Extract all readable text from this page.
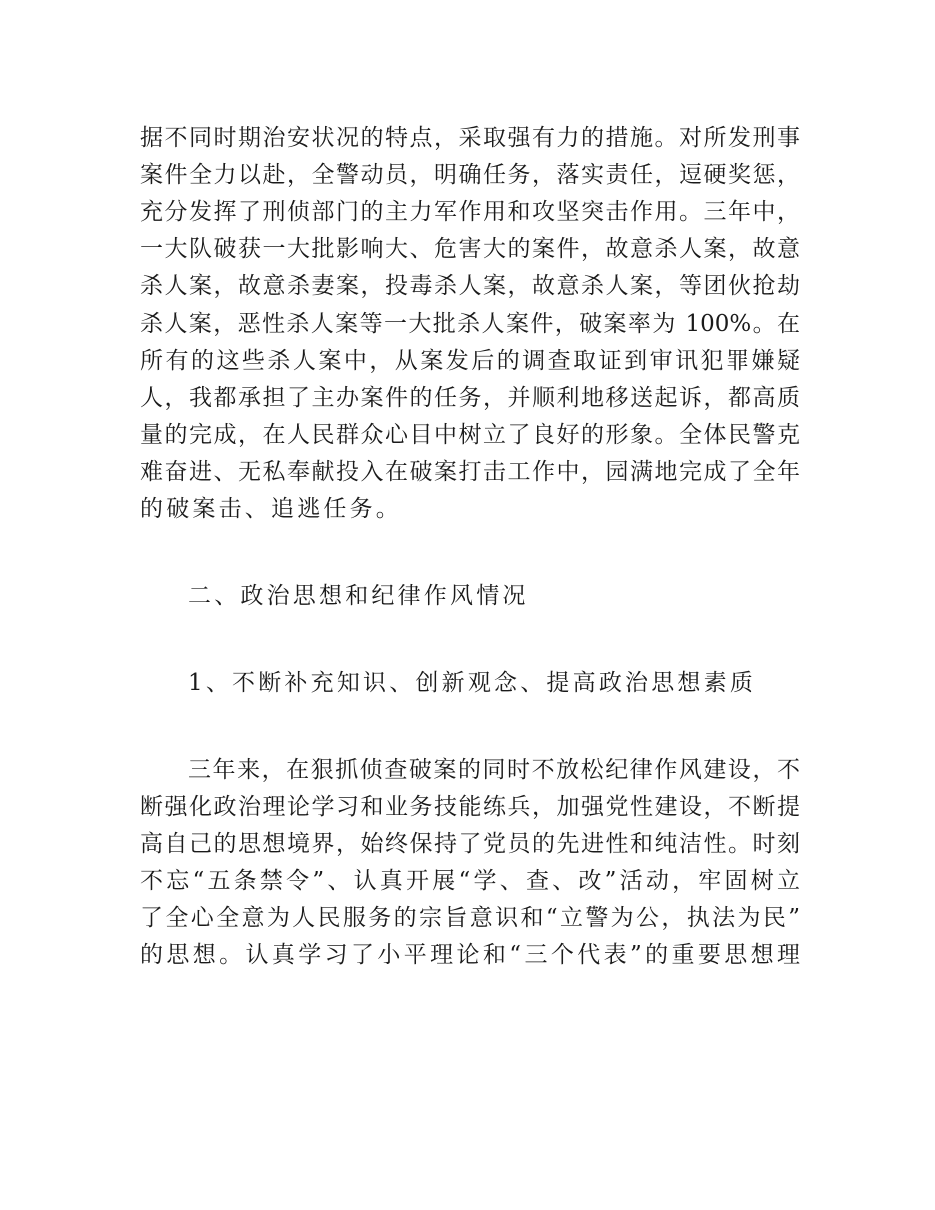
据不同时期治安状况的特点，采取强有力的措施。对所发刑事
案件全力以赴，全警动员，明确任务，落实责任，逗硬奖惩，
充分发挥了刑侦部门的主力军作用和攻坚突击作用。三年中，
一大队破获一大批影响大、危害大的案件，故意杀人案，故意
杀人案，故意杀妻案，投毒杀人案，故意杀人案，等团伙抢劫
杀人案，恶性杀人案等一大批杀人案件，破案率为 100%。在
所有的这些杀人案中，从案发后的调查取证到审讯犯罪嫌疑
人，我都承担了主办案件的任务，并顺利地移送起诉，都高质
量的完成，在人民群众心目中树立了良好的形象。全体民警克
难奋进、无私奉献投入在破案打击工作中，园满地完成了全年
的破案击、追逃任务。
二、政治思想和纪律作风情况
1、不断补充知识、创新观念、提高政治思想素质
三年来，在狠抓侦查破案的同时不放松纪律作风建设，不
断强化政治理论学习和业务技能练兵，加强党性建设，不断提
高自己的思想境界，始终保持了党员的先进性和纯洁性。时刻
不忘“五条禁令”、认真开展“学、查、改”活动，牢固树立
了全心全意为人民服务的宗旨意识和“立警为公，执法为民”
的思想。认真学习了小平理论和“三个代表”的重要思想理
